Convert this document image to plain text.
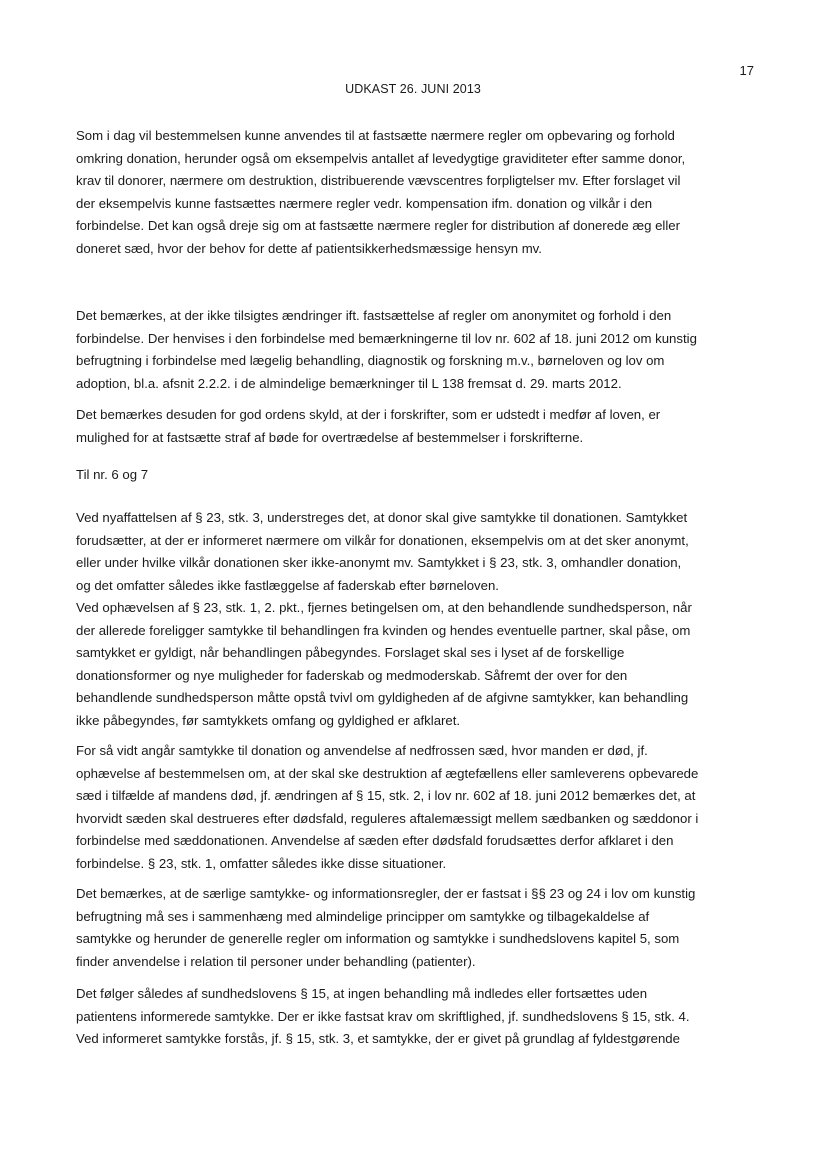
17
UDKAST 26. JUNI 2013

Som i dag vil bestemmelsen kunne anvendes til at fastsætte nærmere regler om opbevaring og forhold
omkring donation, herunder også om eksempelvis antallet af levedygtige graviditeter efter samme donor,
krav til donorer, nærmere om destruktion, distribuerende vævscentres forpligtelser mv. Efter forslaget vil
der eksempelvis kunne fastsættes nærmere regler vedr. kompensation ifm. donation og vilkår i den
forbindelse. Det kan også dreje sig om at fastsætte nærmere regler for distribution af donerede æg eller
doneret sæd, hvor der behov for dette af patientsikkerhedsmæssige hensyn mv.

Det bemærkes, at der ikke tilsigtes ændringer ift. fastsættelse af regler om anonymitet og forhold i den
forbindelse. Der henvises i den forbindelse med bemærkningerne til lov nr. 602 af 18. juni 2012 om kunstig
befrugtning i forbindelse med lægelig behandling, diagnostik og forskning m.v., børneloven og lov om
adoption, bl.a. afsnit 2.2.2. i de almindelige bemærkninger til L 138 fremsat d. 29. marts 2012.

Det bemærkes desuden for god ordens skyld, at der i forskrifter, som er udstedt i medfør af loven, er
mulighed for at fastsætte straf af bøde for overtrædelse af bestemmelser i forskrifterne.

Til nr. 6 og 7

Ved nyaffattelsen af § 23, stk. 3, understreges det, at donor skal give samtykke til donationen. Samtykket
forudsætter, at der er informeret nærmere om vilkår for donationen, eksempelvis om at det sker anonymt,
eller under hvilke vilkår donationen sker ikke-anonymt mv. Samtykket i § 23, stk. 3, omhandler donation,
og det omfatter således ikke fastlæggelse af faderskab efter børneloven.

Ved ophævelsen af § 23, stk. 1, 2. pkt., fjernes betingelsen om, at den behandlende sundhedsperson, når
der allerede foreligger samtykke til behandlingen fra kvinden og hendes eventuelle partner, skal påse, om
samtykket er gyldigt, når behandlingen påbegyndes. Forslaget skal ses i lyset af de forskellige
donationsformer og nye muligheder for faderskab og medmoderskab. Såfremt der over for den
behandlende sundhedsperson måtte opstå tvivl om gyldigheden af de afgivne samtykker, kan behandling
ikke påbegyndes, før samtykkets omfang og gyldighed er afklaret.

For så vidt angår samtykke til donation og anvendelse af nedfrossen sæd, hvor manden er død, jf.
ophævelse af bestemmelsen om, at der skal ske destruktion af ægtefællens eller samleverens opbevarede
sæd i tilfælde af mandens død, jf. ændringen af § 15, stk. 2, i lov nr. 602 af 18. juni 2012 bemærkes det, at
hvorvidt sæden skal destrueres efter dødsfald, reguleres aftalemæssigt mellem sædbanken og sæddonor i
forbindelse med sæddonationen. Anvendelse af sæden efter dødsfald forudsættes derfor afklaret i den
forbindelse. § 23, stk. 1, omfatter således ikke disse situationer.

Det bemærkes, at de særlige samtykke- og informationsregler, der er fastsat i §§ 23 og 24 i lov om kunstig
befrugtning må ses i sammenhæng med almindelige principper om samtykke og tilbagekaldelse af
samtykke og herunder de generelle regler om information og samtykke i sundhedslovens kapitel 5, som
finder anvendelse i relation til personer under behandling (patienter).

Det følger således af sundhedslovens § 15, at ingen behandling må indledes eller fortsættes uden
patientens informerede samtykke. Der er ikke fastsat krav om skriftlighed, jf. sundhedslovens § 15, stk. 4.
Ved informeret samtykke forstås, jf. § 15, stk. 3, et samtykke, der er givet på grundlag af fyldestgørende
